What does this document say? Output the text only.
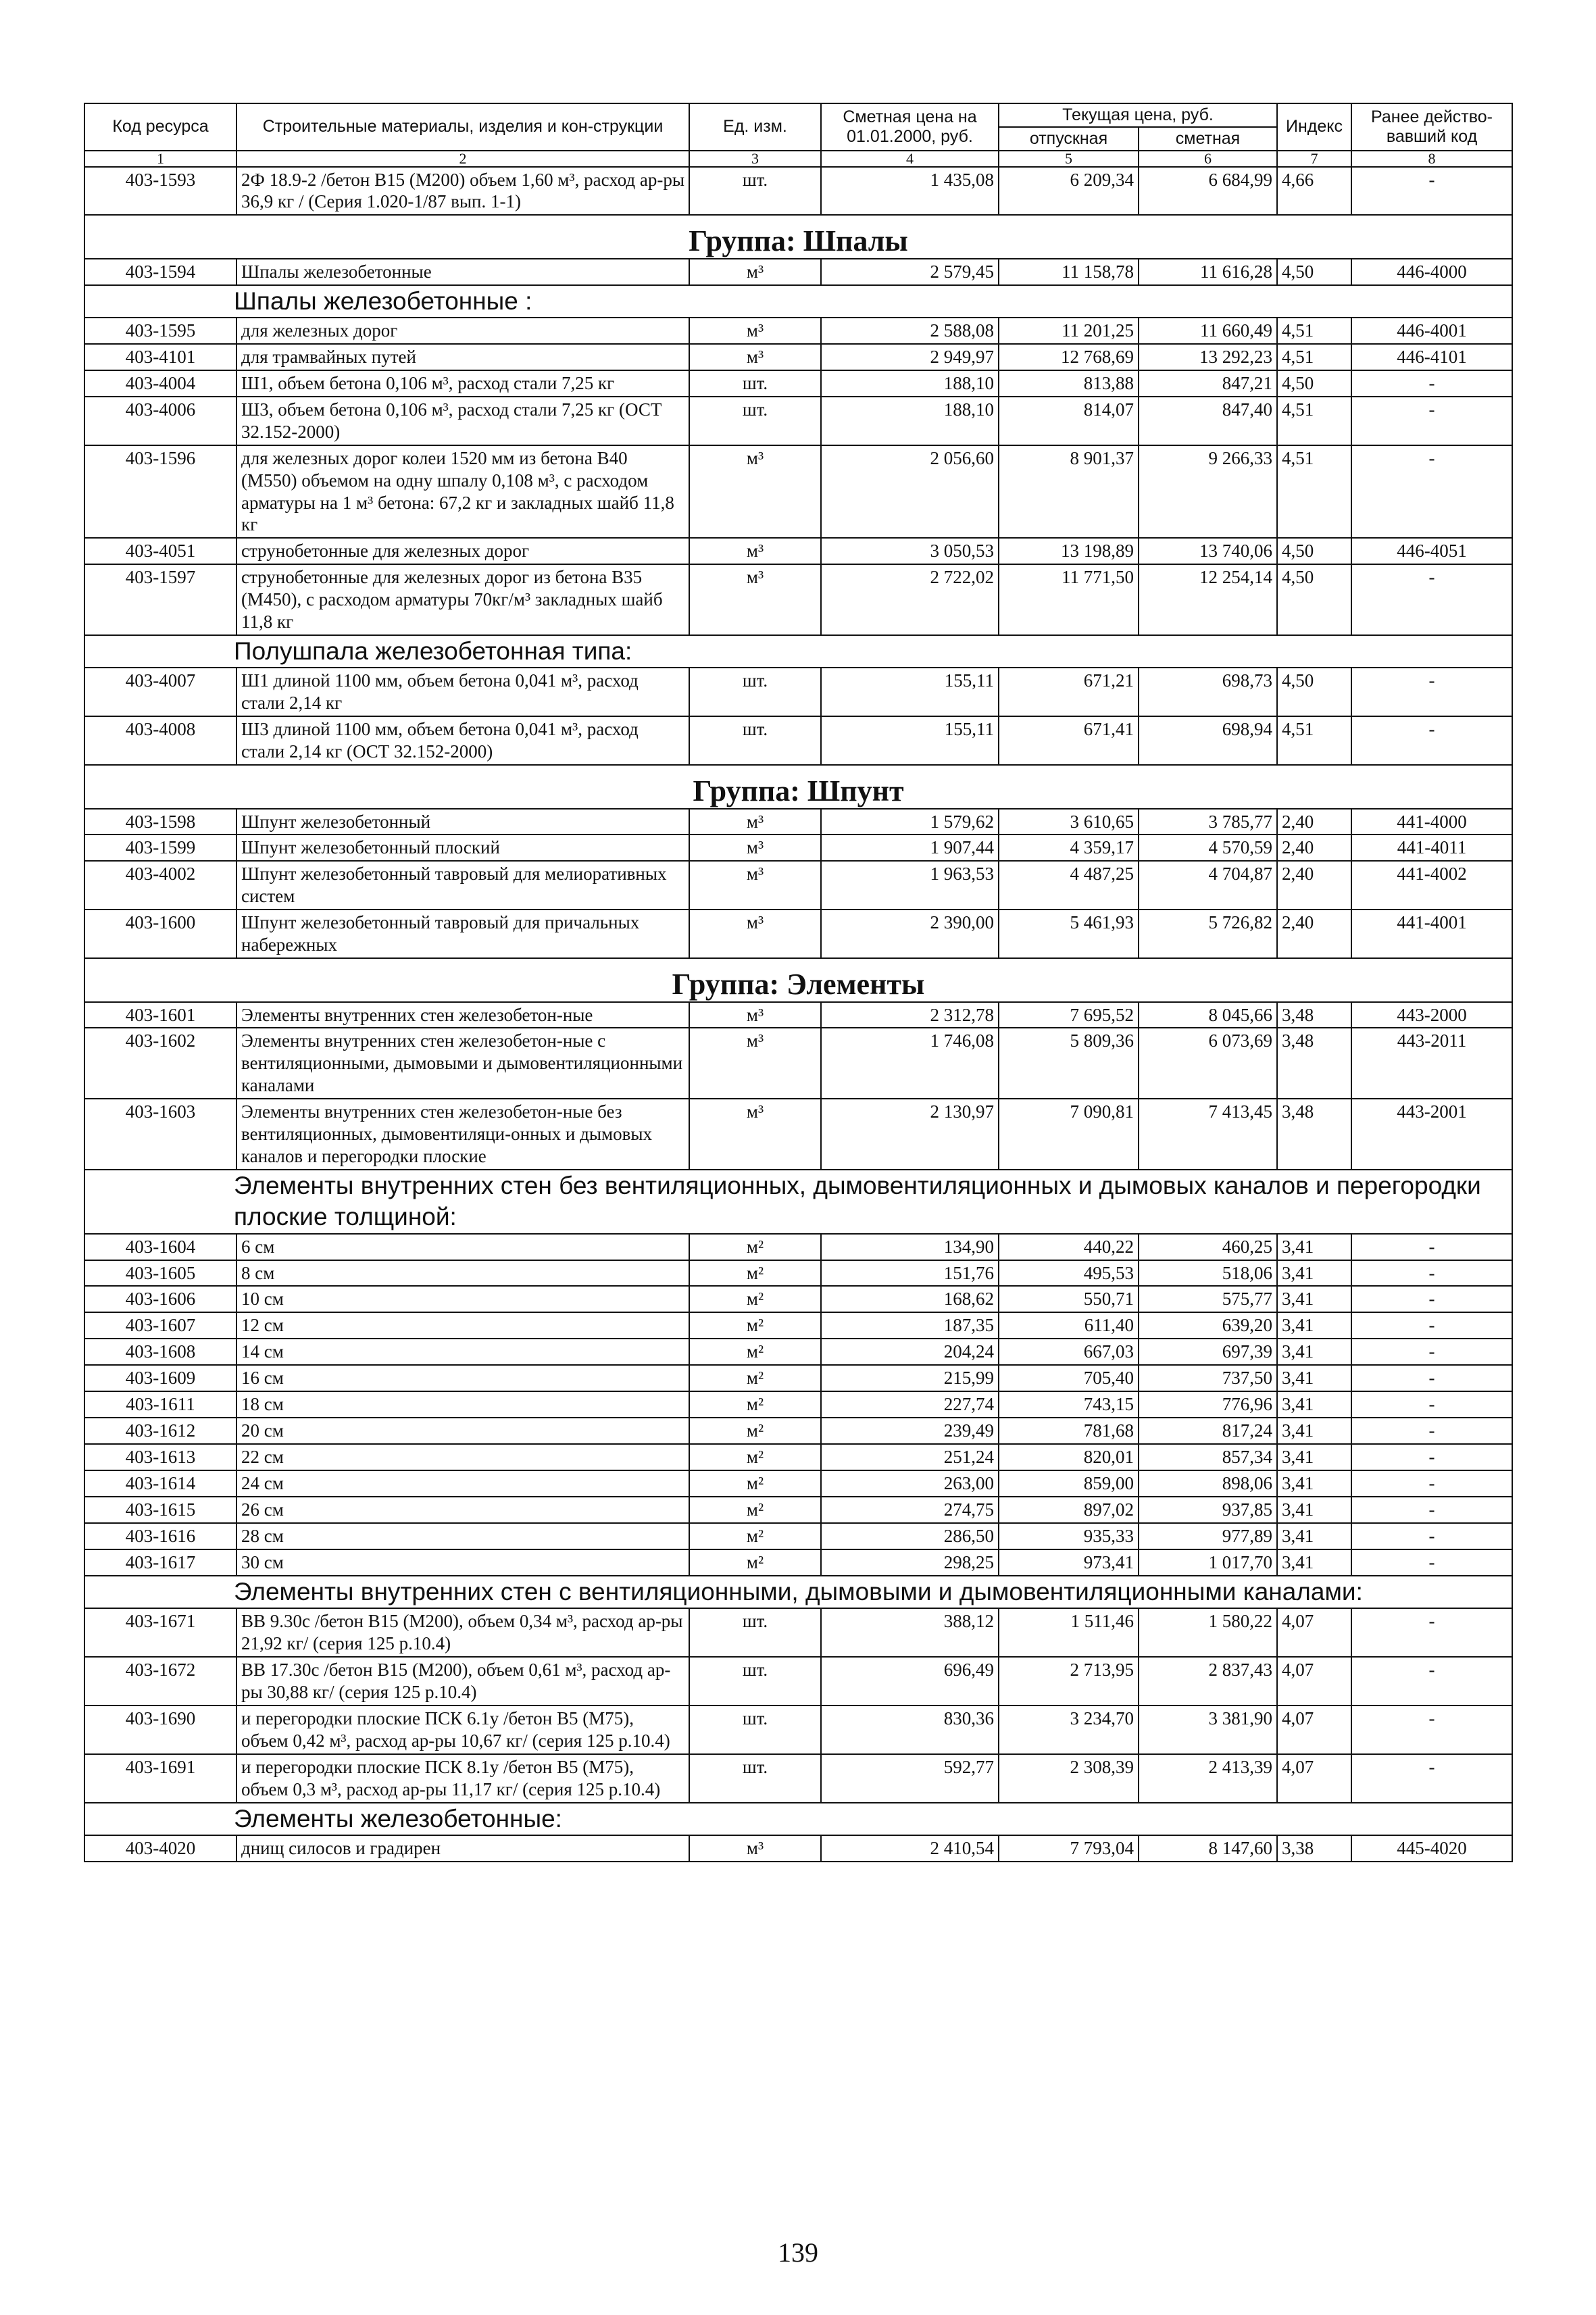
Код ресурса	Строительные материалы, изделия и кон-струкции	Ед. изм.	Сметная цена на 01.01.2000, руб.	Текущая цена, руб.		Индекс	Ранее действо-вавший код
				отпускная	сметная		
1	2	3	4	5	6	7	8
403-1593	2Ф 18.9-2 /бетон В15 (М200) объем 1,60 м³, расход ар-ры 36,9 кг / (Серия 1.020-1/87 вып. 1-1)	шт.	1 435,08	6 209,34	6 684,99	4,66	-
Группа: Шпалы							
403-1594	Шпалы железобетонные	м³	2 579,45	11 158,78	11 616,28	4,50	446-4000
Шпалы железобетонные :							
403-1595	для железных дорог	м³	2 588,08	11 201,25	11 660,49	4,51	446-4001
403-4101	для трамвайных путей	м³	2 949,97	12 768,69	13 292,23	4,51	446-4101
403-4004	Ш1, объем бетона 0,106 м³, расход стали 7,25 кг	шт.	188,10	813,88	847,21	4,50	-
403-4006	Ш3, объем бетона 0,106 м³, расход стали 7,25 кг (ОСТ 32.152-2000)	шт.	188,10	814,07	847,40	4,51	-
403-1596	для железных дорог колеи 1520 мм из бетона В40 (М550) объемом на одну шпалу 0,108 м³, с расходом арматуры на 1 м³ бетона: 67,2 кг и закладных шайб 11,8 кг	м³	2 056,60	8 901,37	9 266,33	4,51	-
403-4051	струнобетонные для железных дорог	м³	3 050,53	13 198,89	13 740,06	4,50	446-4051
403-1597	струнобетонные для железных дорог из бетона В35 (М450), с расходом арматуры 70кг/м³ закладных шайб 11,8 кг	м³	2 722,02	11 771,50	12 254,14	4,50	-
Полушпала железобетонная типа:							
403-4007	Ш1 длиной 1100 мм, объем бетона 0,041 м³, расход стали 2,14 кг	шт.	155,11	671,21	698,73	4,50	-
403-4008	Ш3 длиной 1100 мм, объем бетона 0,041 м³, расход стали 2,14 кг (ОСТ 32.152-2000)	шт.	155,11	671,41	698,94	4,51	-
Группа: Шпунт							
403-1598	Шпунт железобетонный	м³	1 579,62	3 610,65	3 785,77	2,40	441-4000
403-1599	Шпунт железобетонный плоский	м³	1 907,44	4 359,17	4 570,59	2,40	441-4011
403-4002	Шпунт железобетонный тавровый для мелиоративных систем	м³	1 963,53	4 487,25	4 704,87	2,40	441-4002
403-1600	Шпунт железобетонный тавровый для причальных набережных	м³	2 390,00	5 461,93	5 726,82	2,40	441-4001
Группа: Элементы							
403-1601	Элементы внутренних стен железобетон-ные	м³	2 312,78	7 695,52	8 045,66	3,48	443-2000
403-1602	Элементы внутренних стен железобетон-ные с вентиляционными, дымовыми и дымовентиляционными каналами	м³	1 746,08	5 809,36	6 073,69	3,48	443-2011
403-1603	Элементы внутренних стен железобетон-ные без вентиляционных, дымовентиляци-онных и дымовых каналов и перегородки плоские	м³	2 130,97	7 090,81	7 413,45	3,48	443-2001
Элементы внутренних стен без вентиляционных, дымовентиляционных и дымовых каналов и перегородки плоские толщиной:							
403-1604	6 см	м²	134,90	440,22	460,25	3,41	-
403-1605	8 см	м²	151,76	495,53	518,06	3,41	-
403-1606	10 см	м²	168,62	550,71	575,77	3,41	-
403-1607	12 см	м²	187,35	611,40	639,20	3,41	-
403-1608	14 см	м²	204,24	667,03	697,39	3,41	-
403-1609	16 см	м²	215,99	705,40	737,50	3,41	-
403-1611	18 см	м²	227,74	743,15	776,96	3,41	-
403-1612	20 см	м²	239,49	781,68	817,24	3,41	-
403-1613	22 см	м²	251,24	820,01	857,34	3,41	-
403-1614	24 см	м²	263,00	859,00	898,06	3,41	-
403-1615	26 см	м²	274,75	897,02	937,85	3,41	-
403-1616	28 см	м²	286,50	935,33	977,89	3,41	-
403-1617	30 см	м²	298,25	973,41	1 017,70	3,41	-
Элементы внутренних стен с вентиляционными, дымовыми и дымовентиляционными каналами:							
403-1671	ВВ 9.30с /бетон В15 (М200), объем 0,34 м³, расход ар-ры 21,92 кг/ (серия 125 р.10.4)	шт.	388,12	1 511,46	1 580,22	4,07	-
403-1672	ВВ 17.30с /бетон В15 (М200), объем 0,61 м³, расход ар-ры 30,88 кг/ (серия 125 р.10.4)	шт.	696,49	2 713,95	2 837,43	4,07	-
403-1690	и перегородки плоские ПСК 6.1у /бетон В5 (М75), объем 0,42 м³, расход ар-ры 10,67 кг/ (серия 125 р.10.4)	шт.	830,36	3 234,70	3 381,90	4,07	-
403-1691	и перегородки плоские ПСК 8.1у /бетон В5 (М75), объем 0,3 м³, расход ар-ры 11,17 кг/ (серия 125 р.10.4)	шт.	592,77	2 308,39	2 413,39	4,07	-
Элементы железобетонные:							
403-4020	днищ силосов и градирен	м³	2 410,54	7 793,04	8 147,60	3,38	445-4020
139
